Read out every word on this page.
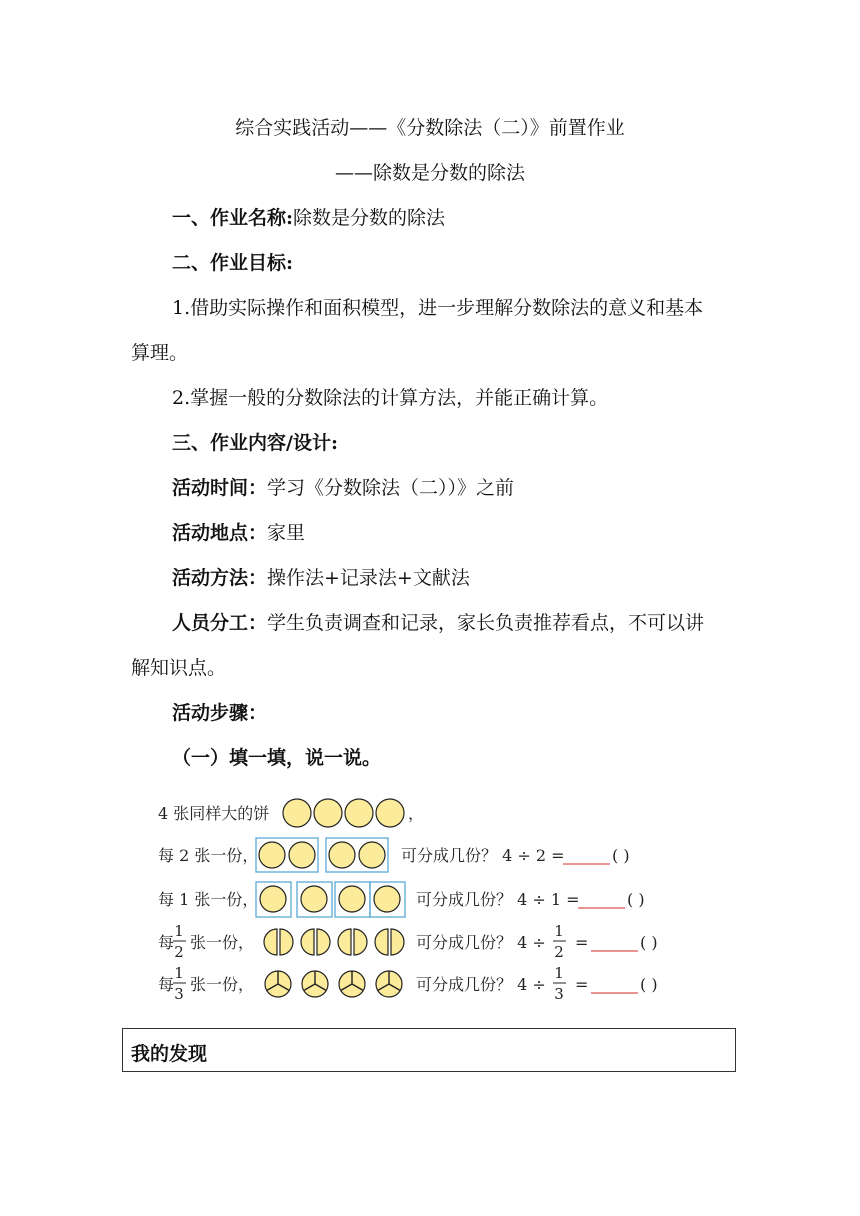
综合实践活动——《分数除法（二）》前置作业
——除数是分数的除法
一、作业名称:除数是分数的除法
二、作业目标:
1.借助实际操作和面积模型，进一步理解分数除法的意义和基本
算理。
2.掌握一般的分数除法的计算方法，并能正确计算。
三、作业内容/设计:
活动时间：学习《分数除法（二））》之前
活动地点：家里
活动方法：操作法+记录法+文献法
人员分工：学生负责调查和记录，家长负责推荐看点，不可以讲
解知识点。
活动步骤：
（一）填一填，说一说。
4 张同样大的饼	，
每 2 张一份，	可分成几份？ 4 ÷ 2 =	( )
每 1 张一份，	可分成几份？ 4 ÷ 1 =	( )
每
1
2 张一份，	可分成几份？ 4 ÷
1
2 =	( )
每
1
3 张一份，	可分成几份？ 4 ÷
1
3 =	( )
我的发现
